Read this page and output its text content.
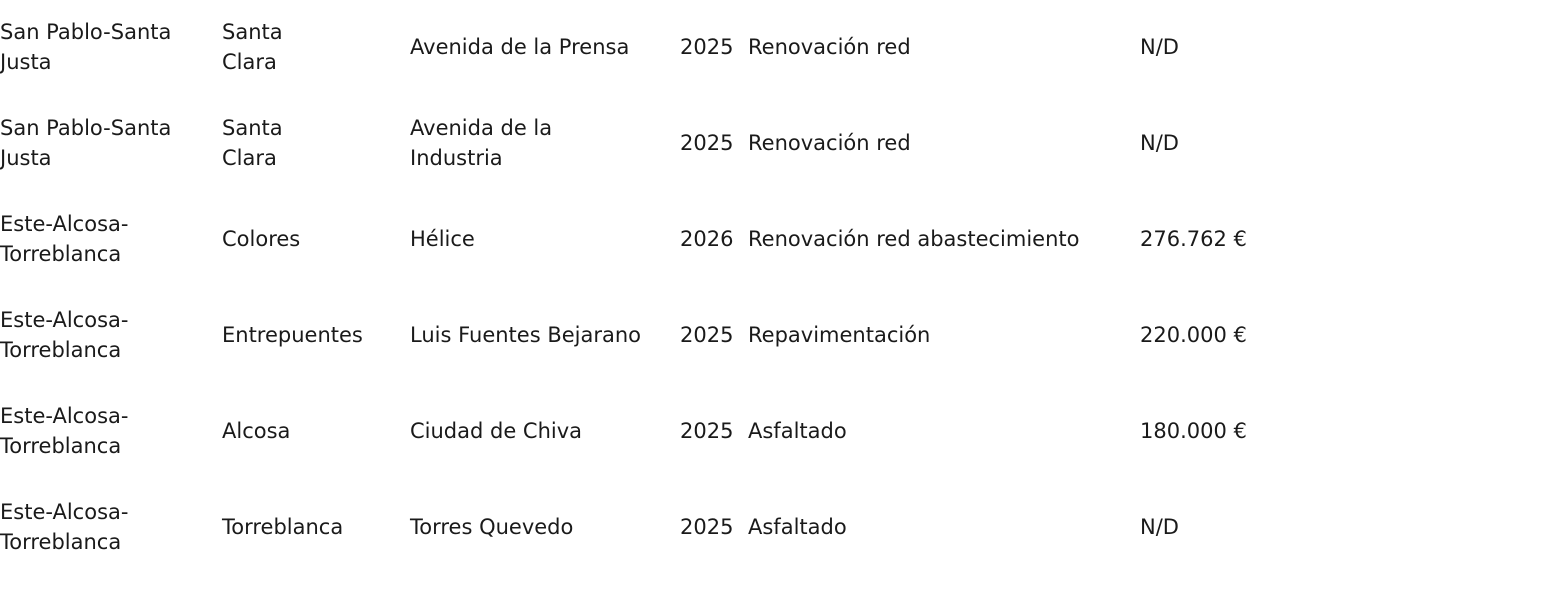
San Pablo-Santa Justa	Santa Clara	Avenida de la Prensa	2025	Renovación red	N/D

San Pablo-Santa Justa	Santa Clara	Avenida de la Industria	2025	Renovación red	N/D

Este-Alcosa-Torreblanca	Colores	Hélice	2026	Renovación red abastecimiento	276.762 €

Este-Alcosa-Torreblanca	Entrepuentes	Luis Fuentes Bejarano	2025	Repavimentación	220.000 €

Este-Alcosa-Torreblanca	Alcosa	Ciudad de Chiva	2025	Asfaltado	180.000 €

Este-Alcosa-Torreblanca	Torreblanca	Torres Quevedo	2025	Asfaltado	N/D
